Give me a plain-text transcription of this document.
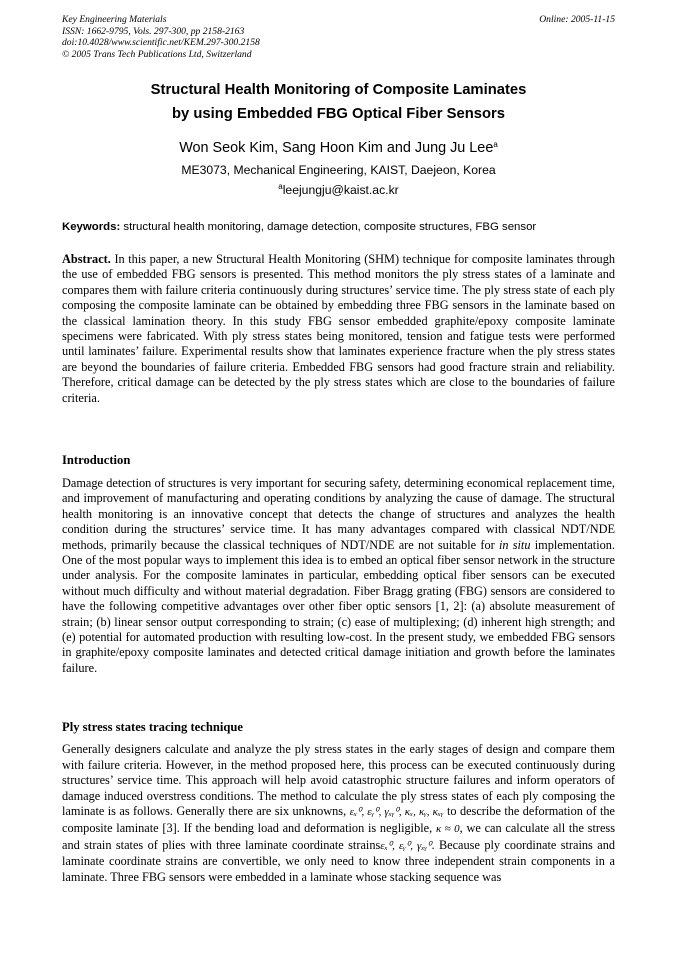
Key Engineering Materials
ISSN: 1662-9795, Vols. 297-300, pp 2158-2163
doi:10.4028/www.scientific.net/KEM.297-300.2158
© 2005 Trans Tech Publications Ltd, Switzerland
Online: 2005-11-15
Structural Health Monitoring of Composite Laminates
by using Embedded FBG Optical Fiber Sensors
Won Seok Kim, Sang Hoon Kim and Jung Ju Lee$^a$
ME3073, Mechanical Engineering, KAIST, Daejeon, Korea
$^a$leejungju@kaist.ac.kr
Keywords: structural health monitoring, damage detection, composite structures, FBG sensor
Abstract. In this paper, a new Structural Health Monitoring (SHM) technique for composite laminates through the use of embedded FBG sensors is presented. This method monitors the ply stress states of a laminate and compares them with failure criteria continuously during structures’ service time. The ply stress state of each ply composing the composite laminate can be obtained by embedding three FBG sensors in the laminate based on the classical lamination theory. In this study FBG sensor embedded graphite/epoxy composite laminate specimens were fabricated. With ply stress states being monitored, tension and fatigue tests were performed until laminates’ failure. Experimental results show that laminates experience fracture when the ply stress states are beyond the boundaries of failure criteria. Embedded FBG sensors had good fracture strain and reliability. Therefore, critical damage can be detected by the ply stress states which are close to the boundaries of failure criteria.
Introduction
Damage detection of structures is very important for securing safety, determining economical replacement time, and improvement of manufacturing and operating conditions by analyzing the cause of damage. The structural health monitoring is an innovative concept that detects the change of structures and analyzes the health condition during the structures’ service time. It has many advantages compared with classical NDT/NDE methods, primarily because the classical techniques of NDT/NDE are not suitable for in situ implementation. One of the most popular ways to implement this idea is to embed an optical fiber sensor network in the structure under analysis. For the composite laminates in particular, embedding optical fiber sensors can be executed without much difficulty and without material degradation. Fiber Bragg grating (FBG) sensors are considered to have the following competitive advantages over other fiber optic sensors [1, 2]: (a) absolute measurement of strain; (b) linear sensor output corresponding to strain; (c) ease of multiplexing; (d) inherent high strength; and (e) potential for automated production with resulting low-cost. In the present study, we embedded FBG sensors in graphite/epoxy composite laminates and detected critical damage initiation and growth before the laminates failure.
Ply stress states tracing technique
Generally designers calculate and analyze the ply stress states in the early stages of design and compare them with failure criteria. However, in the method proposed here, this process can be executed continuously during structures’ service time. This approach will help avoid catastrophic structure failures and inform operators of damage induced overstress conditions. The method to calculate the ply stress states of each ply composing the laminate is as follows. Generally there are six unknowns, εₓ⁰, εᵧ⁰, γₓᵧ⁰, κₓ, κᵧ, κₓᵧ to describe the deformation of the composite laminate [3]. If the bending load and deformation is negligible, κ ≈ 0, we can calculate all the stress and strain states of plies with three laminate coordinate strainsεₓ⁰, εᵧ⁰, γₓᵧ⁰. Because ply coordinate strains and laminate coordinate strains are convertible, we only need to know three independent strain components in a laminate. Three FBG sensors were embedded in a laminate whose stacking sequence was
